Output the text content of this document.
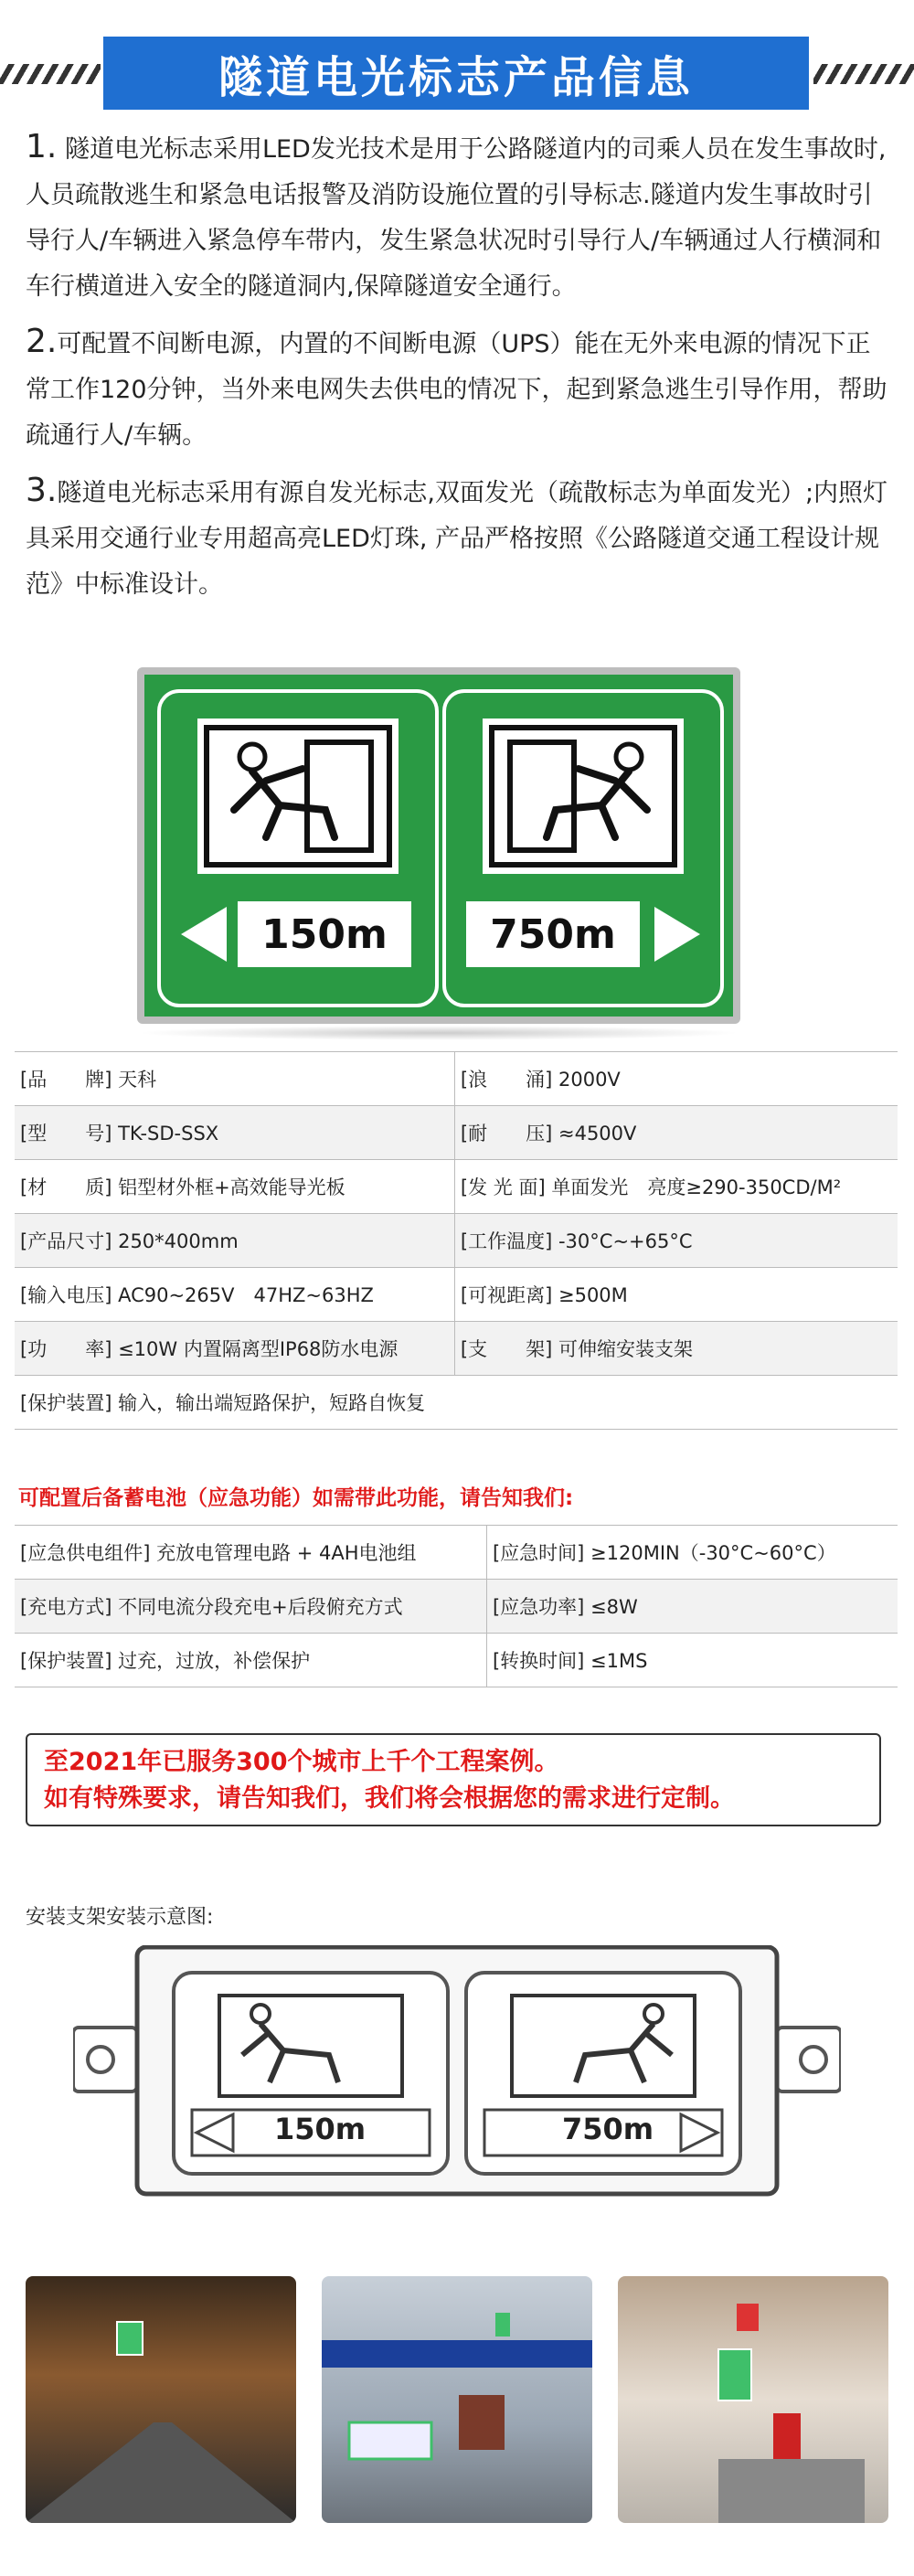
隧道电光标志产品信息

1. 隧道电光标志采用LED发光技术是用于公路隧道内的司乘人员在发生事故时,人员疏散逃生和紧急电话报警及消防设施位置的引导标志.隧道内发生事故时引导行人/车辆进入紧急停车带内，发生紧急状况时引导行人/车辆通过人行横洞和车行横道进入安全的隧道洞内,保障隧道安全通行。

2.可配置不间断电源，内置的不间断电源（UPS）能在无外来电源的情况下正常工作120分钟，当外来电网失去供电的情况下，起到紧急逃生引导作用，帮助疏通行人/车辆。

3.隧道电光标志采用有源自发光标志,双面发光（疏散标志为单面发光）;内照灯具采用交通行业专用超高亮LED灯珠, 产品严格按照《公路隧道交通工程设计规范》中标准设计。

150m	750m
[品　　牌] 天科	[浪　　涌] 2000V
[型　　号] TK-SD-SSX	[耐　　压] ≈4500V
[材　　质] 铝型材外框+高效能导光板	[发 光 面] 单面发光　亮度≥290-350CD/M²
[产品尺寸] 250*400mm	[工作温度] -30°C~+65°C
[输入电压] AC90~265V　47HZ~63HZ	[可视距离] ≥500M
[功　　率] ≤10W 内置隔离型IP68防水电源	[支　　架] 可伸缩安装支架
[保护装置] 输入，输出端短路保护，短路自恢复	
可配置后备蓄电池（应急功能）如需带此功能，请告知我们:
[应急供电组件] 充放电管理电路 + 4AH电池组	[应急时间] ≥120MIN（-30°C~60°C）
[充电方式] 不同电流分段充电+后段俯充方式	[应急功率] ≤8W
[保护装置] 过充，过放，补偿保护	[转换时间] ≤1MS
至2021年已服务300个城市上千个工程案例。
如有特殊要求，请告知我们，我们将会根据您的需求进行定制。
安装支架安装示意图:
150m	750m
